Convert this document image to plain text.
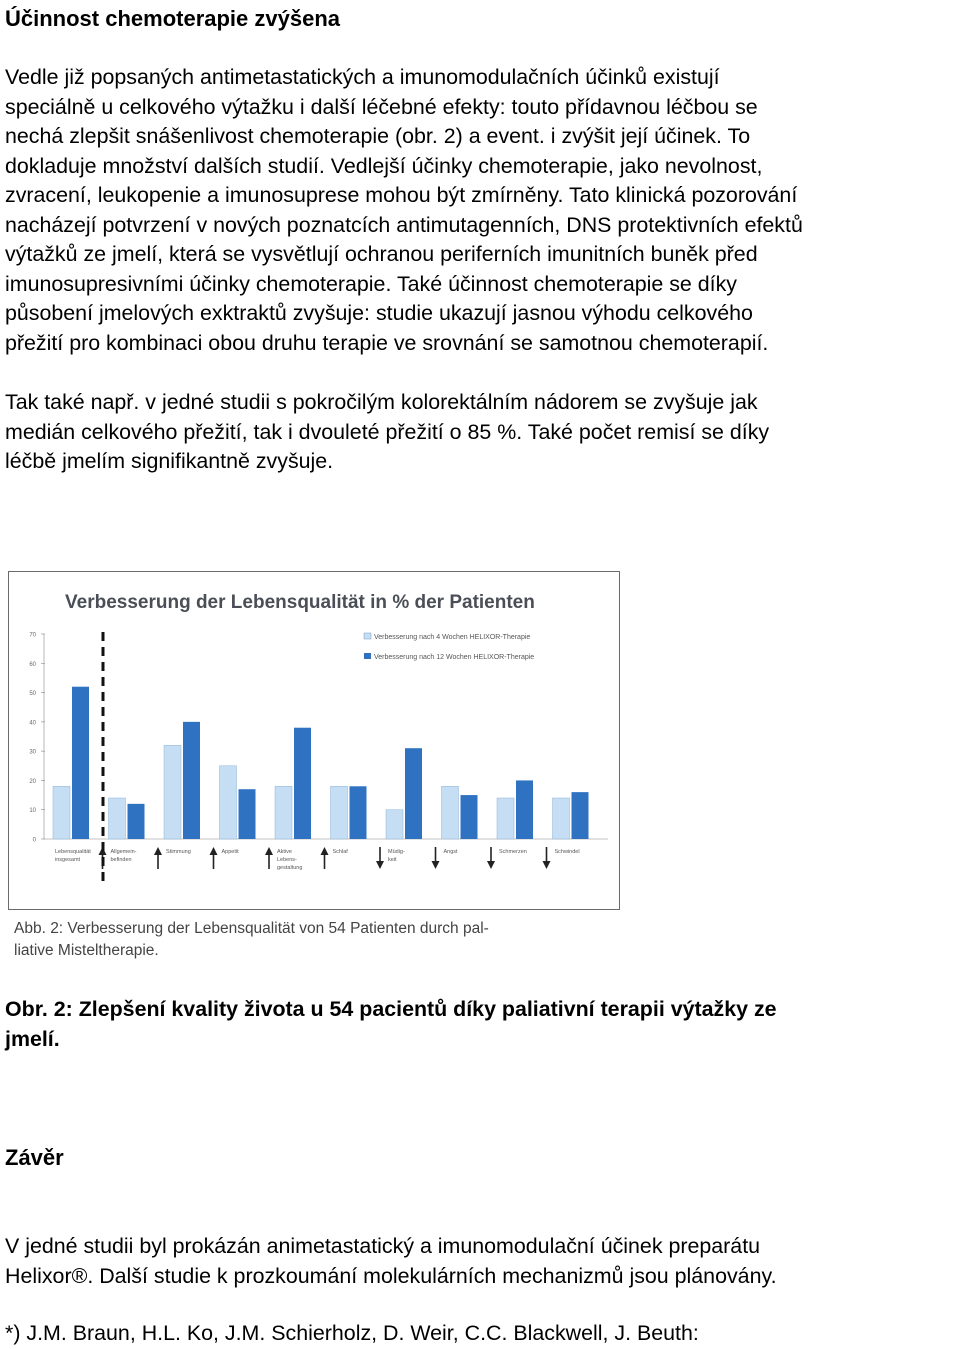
Účinnost chemoterapie zvýšena
Vedle již popsaných antimetastatických a imunomodulačních účinků existují
speciálně u celkového výtažku i další léčebné efekty: touto přídavnou léčbou se
nechá zlepšit snášenlivost chemoterapie (obr. 2) a event. i zvýšit její účinek. To
dokladuje množství dalších studií. Vedlejší účinky chemoterapie, jako nevolnost,
zvracení, leukopenie a imunosuprese mohou být zmírněny. Tato klinická pozorování
nacházejí potvrzení v nových poznatcích antimutagenních, DNS protektivních efektů
výtažků ze jmelí, která se vysvětlují ochranou periferních imunitních buněk před
imunosupresivními účinky chemoterapie. Také účinnost chemoterapie se díky
působení jmelových exktraktů zvyšuje: studie ukazují jasnou výhodu celkového
přežití pro kombinaci obou druhu terapie ve srovnání se samotnou chemoterapií.
Tak také např. v jedné studii s pokročilým kolorektálním nádorem se zvyšuje jak
medián celkového přežití, tak i dvouleté přežití o 85 %. Také počet remisí se díky
léčbě jmelím signifikantně zvyšuje.
Verbesserung der Lebensqualität in % der Patienten
Verbesserung nach 4 Wochen HELIXOR-Therapie
Verbesserung nach 12 Wochen HELIXOR-Therapie
0
10
20
30
40
50
60
70
Lebensqualität
insgesamt
Allgemein-
befinden
Stimmung	Appetit	Aktive
Lebens-
gestaltung
Schlaf	Müdig-
keit
Angst	Schmerzen	Schwindel
Abb. 2: Verbesserung der Lebensqualität von 54 Patienten durch pal-
liative Misteltherapie.
Obr. 2: Zlepšení kvality života u 54 pacientů díky paliativní terapii výtažky ze
jmelí.
Závěr
V jedné studii byl prokázán animetastatický a imunomodulační účinek preparátu
Helixor®. Další studie k prozkoumání molekulárních mechanizmů jsou plánovány.
*) J.M. Braun, H.L. Ko, J.M. Schierholz, D. Weir, C.C. Blackwell, J. Beuth:
